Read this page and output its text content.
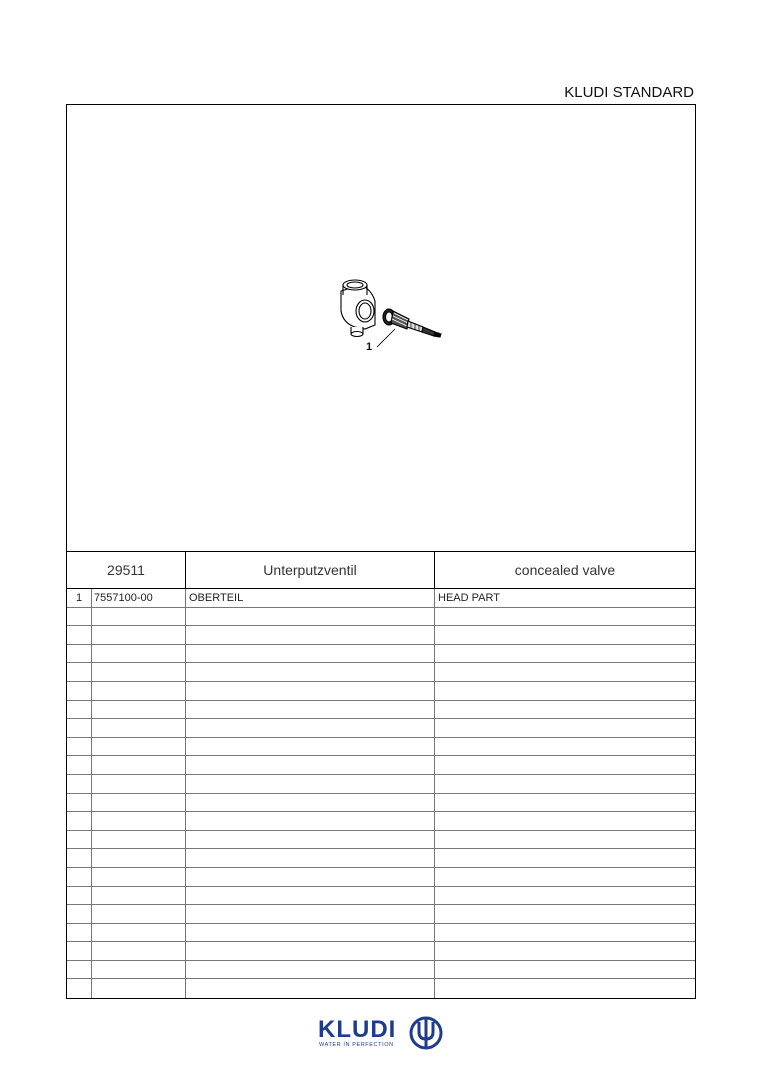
KLUDI STANDARD
1
29511	Unterputzventil	concealed valve
1	7557100-00	OBERTEIL	HEAD PART
KLUDI
WATER IN PERFECTION
